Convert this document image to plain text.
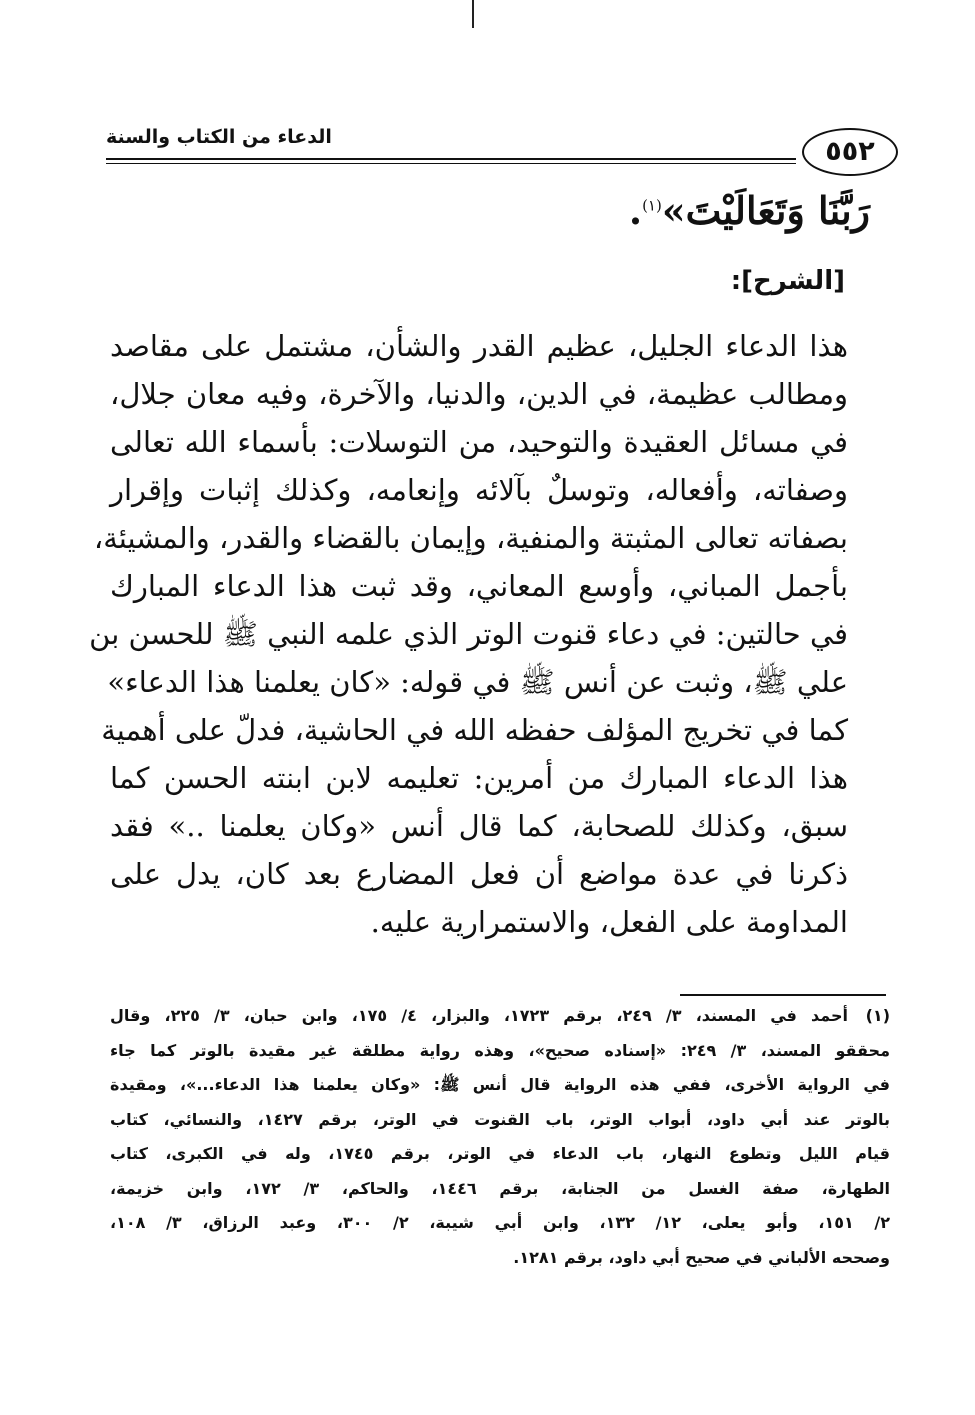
الدعاء من الكتاب والسنة	٥٥٢
رَبَّنَا وَتَعَالَيْتَ»$^{(١)}$.
[الشرح]:
هذا الدعاء الجليل، عظيم القدر والشأن، مشتمل على مقاصد
ومطالب عظيمة، في الدين، والدنيا، والآخرة، وفيه معان جلال،
في مسائل العقيدة والتوحيد، من التوسلات: بأسماء الله تعالى
وصفاته، وأفعاله، وتوسلٌ بآلائه وإنعامه، وكذلك إثبات وإقرار
بصفاته تعالى المثبتة والمنفية، وإيمان بالقضاء والقدر، والمشيئة،
بأجمل المباني، وأوسع المعاني، وقد ثبت هذا الدعاء المبارك
في حالتين: في دعاء قنوت الوتر الذي علمه النبي ﷺ للحسن بن
علي ﷺ، وثبت عن أنس ﷺ في قوله: «كان يعلمنا هذا الدعاء»
كما في تخريج المؤلف حفظه الله في الحاشية، فدلّ على أهمية
هذا الدعاء المبارك من أمرين: تعليمه لابن ابنته الحسن كما
سبق، وكذلك للصحابة، كما قال أنس «وكان يعلمنا ..» فقد
ذكرنا في عدة مواضع أن فعل المضارع بعد كان، يدل على
المداومة على الفعل، والاستمرارية عليه.
(١)
أحمد في المسند، ٣/ ٢٤٩، برقم ١٧٢٣، والبزار، ٤/ ١٧٥، وابن حبان، ٣/ ٢٢٥، وقال
محققو المسند، ٣/ ٢٤٩: «إسناده صحيح»، وهذه رواية مطلقة غير مقيدة بالوتر كما جاء
في الرواية الأخرى، ففي هذه الرواية قال أنس ﷺ: «وكان يعلمنا هذا الدعاء...»، ومقيدة
بالوتر عند أبي داود، أبواب الوتر، باب القنوت في الوتر، برقم ١٤٢٧، والنسائي، كتاب
قيام الليل وتطوع النهار، باب الدعاء في الوتر، برقم ١٧٤٥، وله في الكبرى، كتاب
الطهارة، صفة الغسل من الجنابة، برقم ١٤٤٦، والحاكم، ٣/ ١٧٢، وابن خزيمة،
٢/ ١٥١، وأبو يعلى، ١٢/ ١٣٢، وابن أبي شيبة، ٢/ ٣٠٠، وعبد الرزاق، ٣/ ١٠٨،
وصححه الألباني في صحيح أبي داود، برقم ١٢٨١.
